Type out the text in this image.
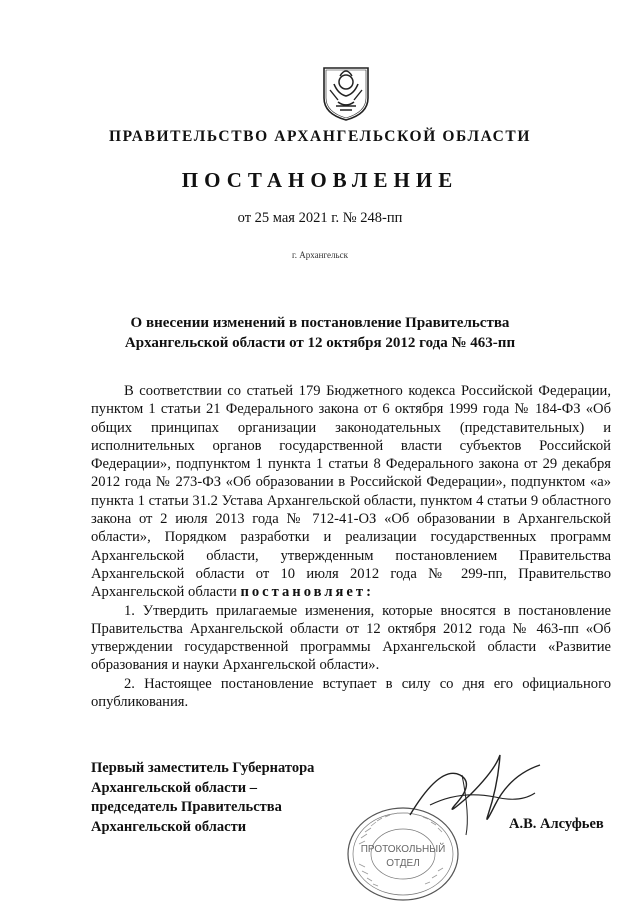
ПРАВИТЕЛЬСТВО АРХАНГЕЛЬСКОЙ ОБЛАСТИ
ПОСТАНОВЛЕНИЕ
от 25 мая 2021 г. № 248-пп
г. Архангельск
О внесении изменений в постановление Правительства
Архангельской области от 12 октября 2012 года № 463-пп

В соответствии со статьей 179 Бюджетного кодекса Российской Федерации, пунктом 1 статьи 21 Федерального закона от 6 октября 1999 года № 184-ФЗ «Об общих принципах организации законодательных (представительных) и исполнительных органов государственной власти субъектов Российской Федерации», подпунктом 1 пункта 1 статьи 8 Федерального закона от 29 декабря 2012 года № 273-ФЗ «Об образовании в Российской Федерации», подпунктом «а» пункта 1 статьи 31.2 Устава Архангельской области, пунктом 4 статьи 9 областного закона от 2 июля 2013 года № 712-41-ОЗ «Об образовании в Архангельской области», Порядком разработки и реализации государственных программ Архангельской области, утвержденным постановлением Правительства Архангельской области от 10 июля 2012 года № 299-пп, Правительство Архангельской области постановляет:

1. Утвердить прилагаемые изменения, которые вносятся в постановление Правительства Архангельской области от 12 октября 2012 года № 463-пп «Об утверждении государственной программы Архангельской области «Развитие образования и науки Архангельской области».

2. Настоящее постановление вступает в силу со дня его официального опубликования.

Первый заместитель Губернатора
Архангельской области –
председатель Правительства
Архангельской области	А.В. Алсуфьев
ПРОТОКОЛЬНЫЙ
ОТДЕЛ
